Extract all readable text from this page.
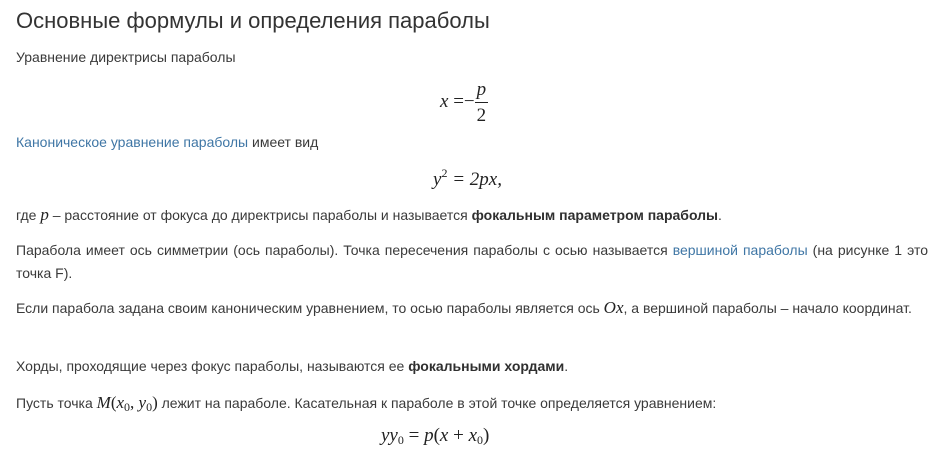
Основные формулы и определения параболы

Уравнение директрисы параболы

$x =- \frac{p}{2}$

Каноническое уравнение параболы имеет вид

$y^2 = 2px$,

где p – расстояние от фокуса до директрисы параболы и называется фокальным параметром параболы.

Парабола имеет ось симметрии (ось параболы). Точка пересечения параболы с осью называется вершиной параболы (на рисунке 1 это точка F).

Если парабола задана своим каноническим уравнением, то осью параболы является ось Ox, а вершиной параболы – начало координат.

Хорды, проходящие через фокус параболы, называются ее фокальными хордами.

Пусть точка $M(x_0$, $y_0$) лежит на параболе. Касательная к параболе в этой точке определяется уравнением:

$yy_0 = p(x + x_0)$
